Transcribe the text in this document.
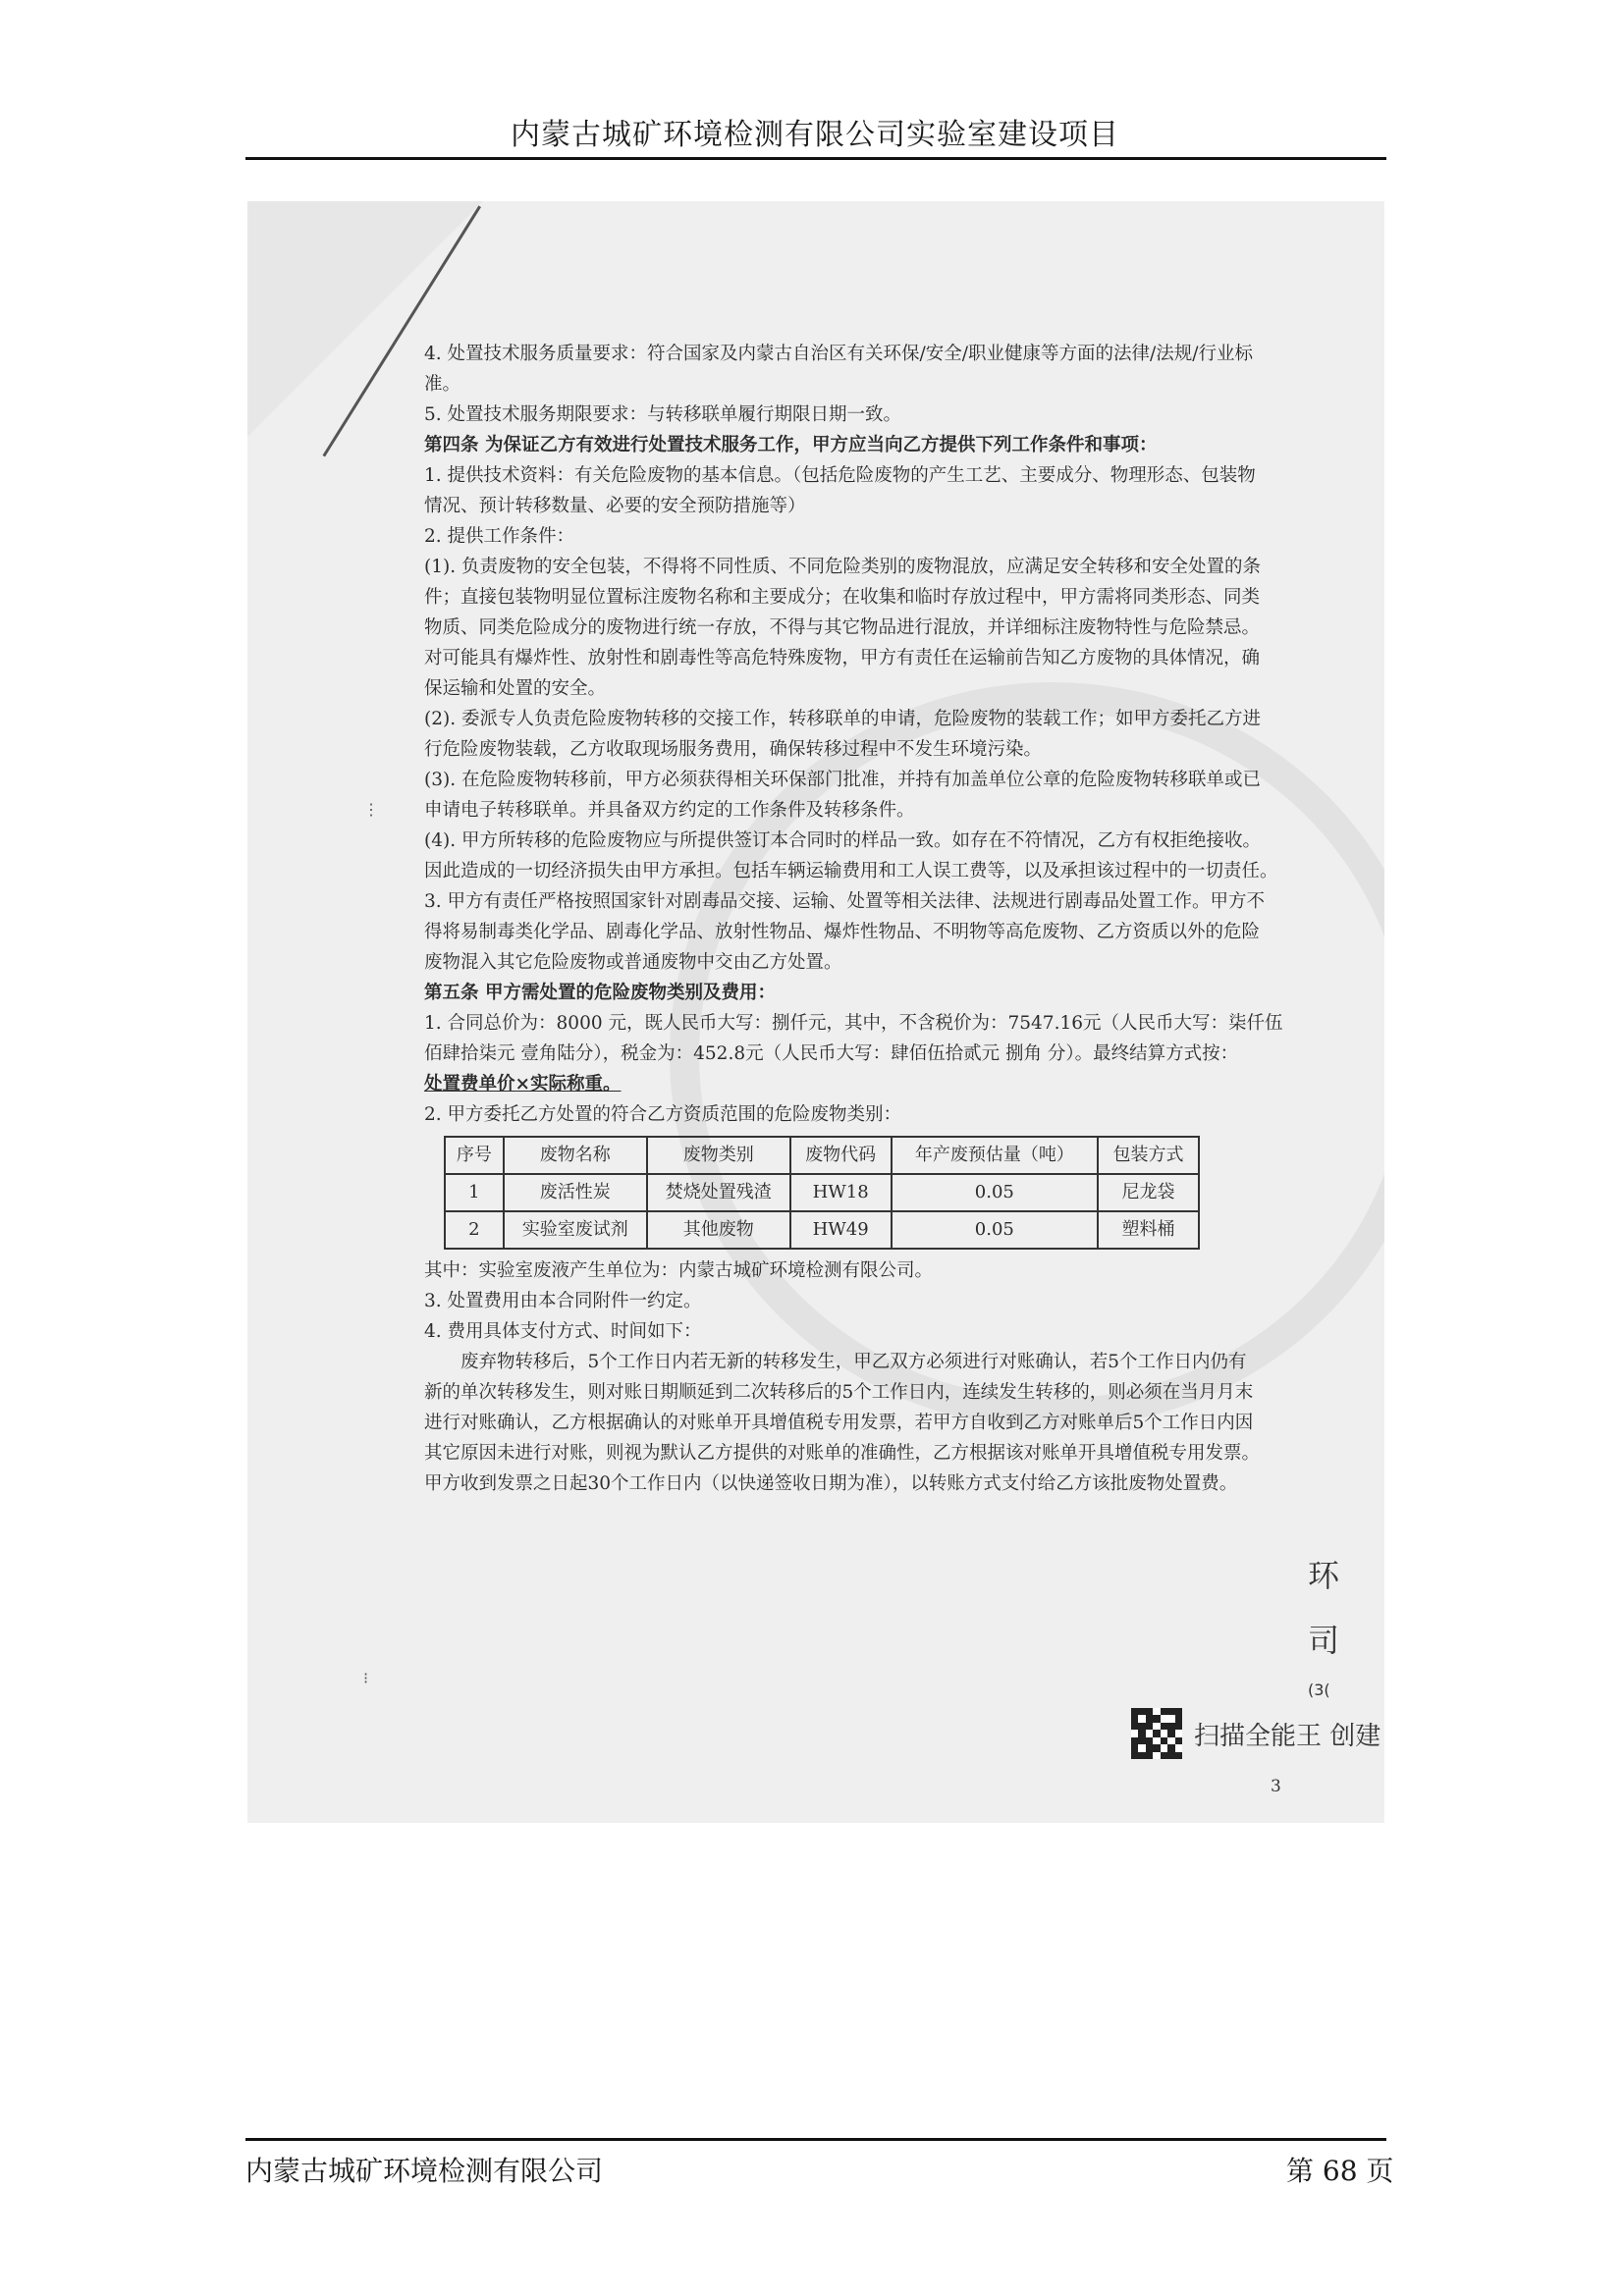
内蒙古城矿环境检测有限公司实验室建设项目

4. 处置技术服务质量要求：符合国家及内蒙古自治区有关环保/安全/职业健康等方面的法律/法规/行业标

准。

5. 处置技术服务期限要求：与转移联单履行期限日期一致。

第四条 为保证乙方有效进行处置技术服务工作，甲方应当向乙方提供下列工作条件和事项：

1. 提供技术资料：有关危险废物的基本信息。（包括危险废物的产生工艺、主要成分、物理形态、包装物

情况、预计转移数量、必要的安全预防措施等）

2. 提供工作条件：

(1). 负责废物的安全包装，不得将不同性质、不同危险类别的废物混放，应满足安全转移和安全处置的条

件；直接包装物明显位置标注废物名称和主要成分；在收集和临时存放过程中，甲方需将同类形态、同类

物质、同类危险成分的废物进行统一存放，不得与其它物品进行混放，并详细标注废物特性与危险禁忌。

对可能具有爆炸性、放射性和剧毒性等高危特殊废物，甲方有责任在运输前告知乙方废物的具体情况，确

保运输和处置的安全。

(2). 委派专人负责危险废物转移的交接工作，转移联单的申请，危险废物的装载工作；如甲方委托乙方进

行危险废物装载，乙方收取现场服务费用，确保转移过程中不发生环境污染。

(3). 在危险废物转移前，甲方必须获得相关环保部门批准，并持有加盖单位公章的危险废物转移联单或已

申请电子转移联单。并具备双方约定的工作条件及转移条件。

(4). 甲方所转移的危险废物应与所提供签订本合同时的样品一致。如存在不符情况，乙方有权拒绝接收。

因此造成的一切经济损失由甲方承担。包括车辆运输费用和工人误工费等，以及承担该过程中的一切责任。

3. 甲方有责任严格按照国家针对剧毒品交接、运输、处置等相关法律、法规进行剧毒品处置工作。甲方不

得将易制毒类化学品、剧毒化学品、放射性物品、爆炸性物品、不明物等高危废物、乙方资质以外的危险

废物混入其它危险废物或普通废物中交由乙方处置。

第五条 甲方需处置的危险废物类别及费用：

1. 合同总价为：8000 元，既人民币大写：捌仟元，其中，不含税价为：7547.16元（人民币大写：柒仟伍

佰肆拾柒元 壹角陆分），税金为：452.8元（人民币大写：肆佰伍拾贰元 捌角 分）。最终结算方式按：

处置费单价×实际称重。

2. 甲方委托乙方处置的符合乙方资质范围的危险废物类别：

序号	废物名称	废物类别	废物代码	年产废预估量（吨）	包装方式
1	废活性炭	焚烧处置残渣	HW18	0.05	尼龙袋
2	实验室废试剂	其他废物	HW49	0.05	塑料桶

其中：实验室废液产生单位为：内蒙古城矿环境检测有限公司。

3. 处置费用由本合同附件一约定。

4. 费用具体支付方式、时间如下：

废弃物转移后，5个工作日内若无新的转移发生，甲乙双方必须进行对账确认，若5个工作日内仍有

新的单次转移发生，则对账日期顺延到二次转移后的5个工作日内，连续发生转移的，则必须在当月月末

进行对账确认，乙方根据确认的对账单开具增值税专用发票，若甲方自收到乙方对账单后5个工作日内因

其它原因未进行对账，则视为默认乙方提供的对账单的准确性，乙方根据该对账单开具增值税专用发票。

甲方收到发票之日起30个工作日内（以快递签收日期为准），以转账方式支付给乙方该批废物处置费。

3
⋮
⁝
环
司
(3(
扫描全能王 创建
内蒙古城矿环境检测有限公司	第 68 页
